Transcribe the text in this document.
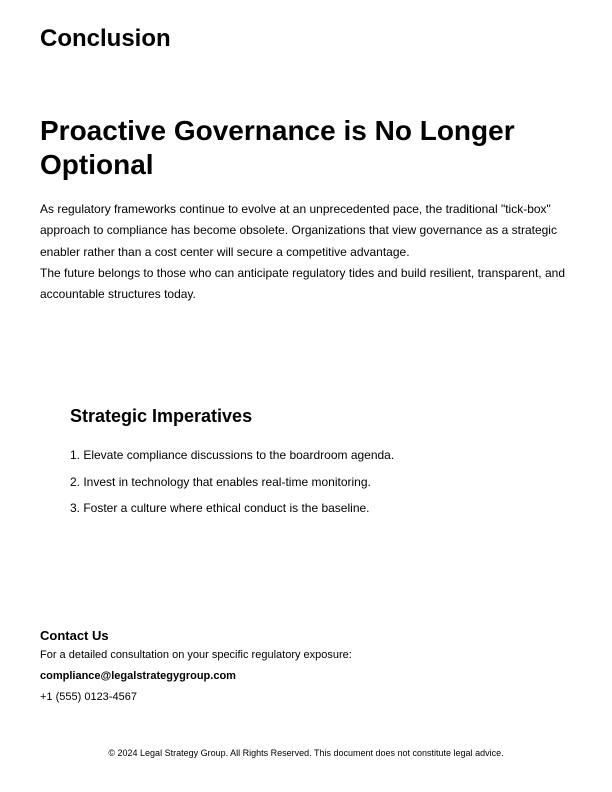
Conclusion
Proactive Governance is No Longer Optional

As regulatory frameworks continue to evolve at an unprecedented pace, the traditional "tick-box" approach to compliance has become obsolete. Organizations that view governance as a strategic enabler rather than a cost center will secure a competitive advantage.

The future belongs to those who can anticipate regulatory tides and build resilient, transparent, and accountable structures today.

Strategic Imperatives
1. Elevate compliance discussions to the boardroom agenda.
2. Invest in technology that enables real-time monitoring.
3. Foster a culture where ethical conduct is the baseline.
Contact Us

For a detailed consultation on your specific regulatory exposure:

compliance@legalstrategygroup.com

+1 (555) 0123-4567

© 2024 Legal Strategy Group. All Rights Reserved. This document does not constitute legal advice.
